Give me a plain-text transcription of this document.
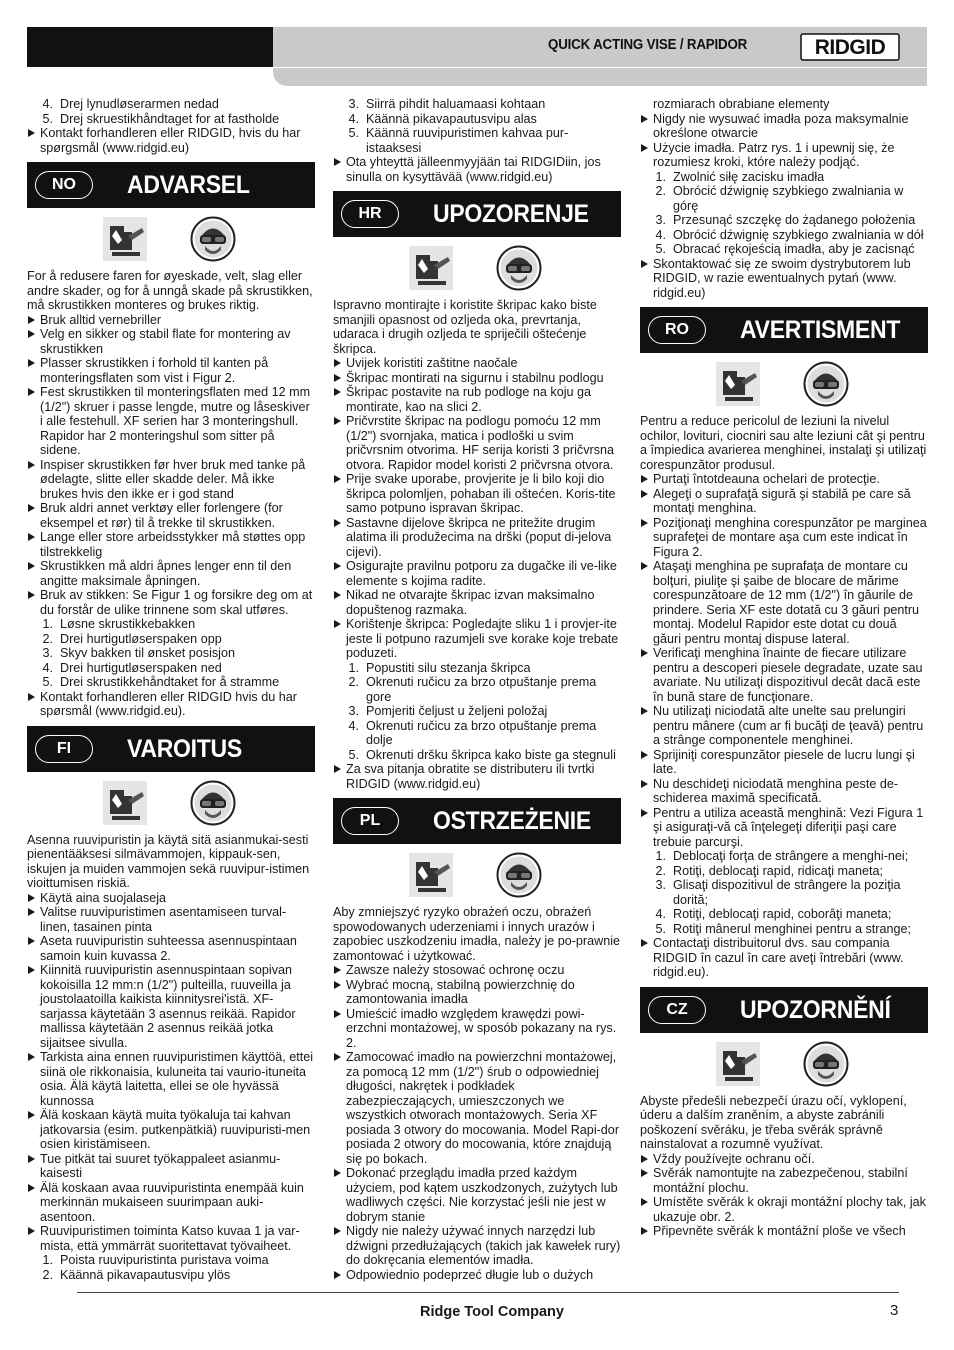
QUICK ACTING VISE / RAPIDOR	RIDGID

4. Drej lynudløserarmen nedad

5. Drej skruestikhåndtaget for at fastholde

Kontakt forhandleren eller RIDGID, hvis du har spørgsmål (www.ridgid.eu)

NO	ADVARSEL

For å redusere faren for øyeskade, velt, slag eller andre skader, og for å unngå skade på skrustikken, må skrustikken monteres og brukes riktig.

Bruk alltid vernebriller

Velg en sikker og stabil flate for montering av skrustikken

Plasser skrustikken i forhold til kanten på monteringsflaten som vist i Figur 2.

Fest skrustikken til monteringsflaten med 12 mm (1/2") skruer i passe lengde, mutre og låseskiver i alle festehull. XF serien har 3 monteringshull. Rapidor har 2 monteringshul som sitter på sidene.

Inspiser skrustikken før hver bruk med tanke på ødelagte, slitte eller skadde deler. Må ikke brukes hvis den ikke er i god stand

Bruk aldri annet verktøy eller forlengere (for eksempel et rør) til å trekke til skrustikken.

Lange eller store arbeidsstykker må støttes opp tilstrekkelig

Skrustikken må aldri åpnes lenger enn til den angitte maksimale åpningen.

Bruk av stikken: Se Figur 1 og forsikre deg om at du forstår de ulike trinnene som skal utføres.

1. Løsne skrustikkebakken

2. Drei hurtigutløserspaken opp

3. Skyv bakken til ønsket posisjon

4. Drei hurtigutløserspaken ned

5. Drei skrustikkehåndtaket for å stramme

Kontakt forhandleren eller RIDGID hvis du har spørsmål (www.ridgid.eu).

FI	VAROITUS

Asenna ruuvipuristin ja käytä sitä asianmukai-sesti pienentääksesi silmävammojen, kippauk-sen, iskujen ja muiden vammojen sekä ruuvipur-istimen vioittumisen riskiä.

Käytä aina suojalaseja

Valitse ruuvipuristimen asentamiseen turval-linen, tasainen pinta

Aseta ruuvipuristin suhteessa asennuspintaan samoin kuin kuvassa 2.

Kiinnitä ruuvipuristin asennuspintaan sopivan kokoisilla 12 mm:n (1/2") pulteilla, ruuveilla ja joustolaatoilla kaikista kiinnitysrei'istä. XF-sarjassa käytetään 3 asennus reikää. Rapidor mallissa käytetään 2 asennus reikää jotka sijaitsee sivulla.

Tarkista aina ennen ruuvipuristimen käyttöä, ettei siinä ole rikkonaisia, kuluneita tai vaurio-ituneita osia. Älä käytä laitetta, ellei se ole hyvässä kunnossa

Älä koskaan käytä muita työkaluja tai kahvan jatkovarsia (esim. putkenpätkiä) ruuvipuristi-men osien kiristämiseen.

Tue pitkät tai suuret työkappaleet asianmu-kaisesti

Älä koskaan avaa ruuvipuristinta enempää kuin merkinnän mukaiseen suurimpaan auki-asentoon.

Ruuvipuristimen toiminta Katso kuvaa 1 ja var-mista, että ymmärrät suoritettavat työvaiheet.

1. Poista ruuvipuristinta puristava voima

2. Käännä pikavapautusvipu ylös

3. Siirrä pihdit haluamaasi kohtaan

4. Käännä pikavapautusvipu alas

5. Käännä ruuvipuristimen kahvaa pur-istaaksesi

Ota yhteyttä jälleenmyyjään tai RIDGIDiin, jos sinulla on kysyttävää (www.ridgid.eu)

HR	UPOZORENJE

Ispravno montirajte i koristite škripac kako biste smanjili opasnost od ozljeda oka, prevrtanja, udaraca i drugih ozljeda te spriječili oštećenje škripca.

Uvijek koristiti zaštitne naočale

Škripac montirati na sigurnu i stabilnu podlogu

Škripac postavite na rub podloge na koju ga montirate, kao na slici 2.

Pričvrstite škripac na podlogu pomoću 12 mm (1/2") svornjaka, matica i podloški u svim pričvrsnim otvorima. HF serija koristi 3 pričvrsna otvora. Rapidor model koristi 2 pričvrsna otvora.

Prije svake uporabe, provjerite je li bilo koji dio škripca polomljen, pohaban ili oštećen. Koris-tite samo potpuno ispravan škripac.

Sastavne dijelove škripca ne pritežite drugim alatima ili produžecima na drški (poput di-jelova cijevi).

Osigurajte pravilnu potporu za dugačke ili ve-like elemente s kojima radite.

Nikad ne otvarajte škripac izvan maksimalno dopuštenog razmaka.

Korištenje škripca: Pogledajte sliku 1 i provjer-ite jeste li potpuno razumjeli sve korake koje trebate poduzeti.

1. Popustiti silu stezanja škripca

2. Okrenuti ručicu za brzo otpuštanje prema gore

3. Pomjeriti čeljust u željeni položaj

4. Okrenuti ručicu za brzo otpuštanje prema dolje

5. Okrenuti dršku škripca kako biste ga stegnuli

Za sva pitanja obratite se distributeru ili tvrtki RIDGID (www.ridgid.eu)

PL	OSTRZEŻENIE

Aby zmniejszyć ryzyko obrażeń oczu, obrażeń spowodowanych uderzeniami i innych urazów i zapobiec uszkodzeniu imadła, należy je po-prawnie zamontować i użytkować.

Zawsze należy stosować ochronę oczu

Wybrać mocną, stabilną powierzchnię do zamontowania imadła

Umieścić imadło względem krawędzi powi-erzchni montażowej, w sposób pokazany na rys. 2.

Zamocować imadło na powierzchni montażowej, za pomocą 12 mm (1/2") śrub o odpowiedniej długości, nakrętek i podkładek zabezpieczających, umieszczonych we wszystkich otworach montażowych. Seria XF posiada 3 otwory do mocowania. Model Rapi-dor posiada 2 otwory do mocowania, które znajdują się po bokach.

Dokonać przeglądu imadła przed każdym użyciem, pod kątem uszkodzonych, zużytych lub wadliwych części. Nie korzystać jeśli nie jest w dobrym stanie

Nigdy nie należy używać innych narzędzi lub dźwigni przedłużających (takich jak kawełek rury) do dokręcania elementów imadła.

Odpowiednio podeprzeć długie lub o dużych

rozmiarach obrabiane elementy

Nigdy nie wysuwać imadła poza maksymalnie określone otwarcie

Użycie imadła. Patrz rys. 1 i upewnij się, że rozumiesz kroki, które należy podjąć.

1. Zwolnić siłę zacisku imadła

2. Obrócić dźwignię szybkiego zwalniania w górę

3. Przesunąć szczękę do żądanego położenia

4. Obrócić dźwignię szybkiego zwalniania w dół

5. Obracać rękojeścią imadła, aby je zacisnąć

Skontaktować się ze swoim dystrybutorem lub RIDGID, w razie ewentualnych pytań (www. ridgid.eu)

RO	AVERTISMENT

Pentru a reduce pericolul de leziuni la nivelul ochilor, lovituri, ciocniri sau alte leziuni cât şi pentru a împiedica avarierea menghinei, instalaţi şi utilizaţi corespunzător produsul.

Purtaţi întotdeauna ochelari de protecţie.

Alegeţi o suprafaţă sigură şi stabilă pe care să montaţi menghina.

Poziţionaţi menghina corespunzător pe marginea suprafeţei de montare aşa cum este indicat în Figura 2.

Ataşaţi menghina pe suprafaţa de montare cu bolţuri, piuliţe şi şaibe de blocare de mărime corespunzătoare de 12 mm (1/2") în găurile de prindere. Seria XF este dotată cu 3 găuri pentru montaj. Modelul Rapidor este dotat cu două găuri pentru montaj dispuse lateral.

Verificaţi menghina înainte de fiecare utilizare pentru a descoperi piesele degradate, uzate sau avariate. Nu utilizaţi dispozitivul decât dacă este în bună stare de funcţionare.

Nu utilizaţi niciodată alte unelte sau prelungiri pentru mânere (cum ar fi bucăţi de ţeavă) pentru a strânge componentele menghinei.

Sprijiniţi corespunzător piesele de lucru lungi şi late.

Nu deschideţi niciodată menghina peste de-schiderea maximă specificată.

Pentru a utiliza această menghină: Vezi Figura 1 şi asiguraţi-vă că înţelegeţi diferiţii paşi care trebuie parcurşi.

1. Deblocaţi forţa de strângere a menghi-nei;

2. Rotiţi, deblocaţi rapid, ridicaţi maneta;

3. Glisaţi dispozitivul de strângere la poziţia dorită;

4. Rotiţi, deblocaţi rapid, coborâţi maneta;

5. Rotiţi mânerul menghinei pentru a strange;

Contactaţi distribuitorul dvs. sau compania RIDGID în cazul în care aveţi întrebări (www. ridgid.eu).

CZ	UPOZORNĚNÍ

Abyste předešli nebezpečí úrazu očí, vyklopení, úderu a dalším zraněním, a abyste zabránili poškození svěráku, je třeba svěrák správně nainstalovat a rozumně využívat.

Vždy používejte ochranu očí.

Svěrák namontujte na zabezpečenou, stabilní montážní plochu.

Umístěte svěrák k okraji montážní plochy tak, jak ukazuje obr. 2.

Připevněte svěrák k montážní ploše ve všech

Ridge Tool Company	3
